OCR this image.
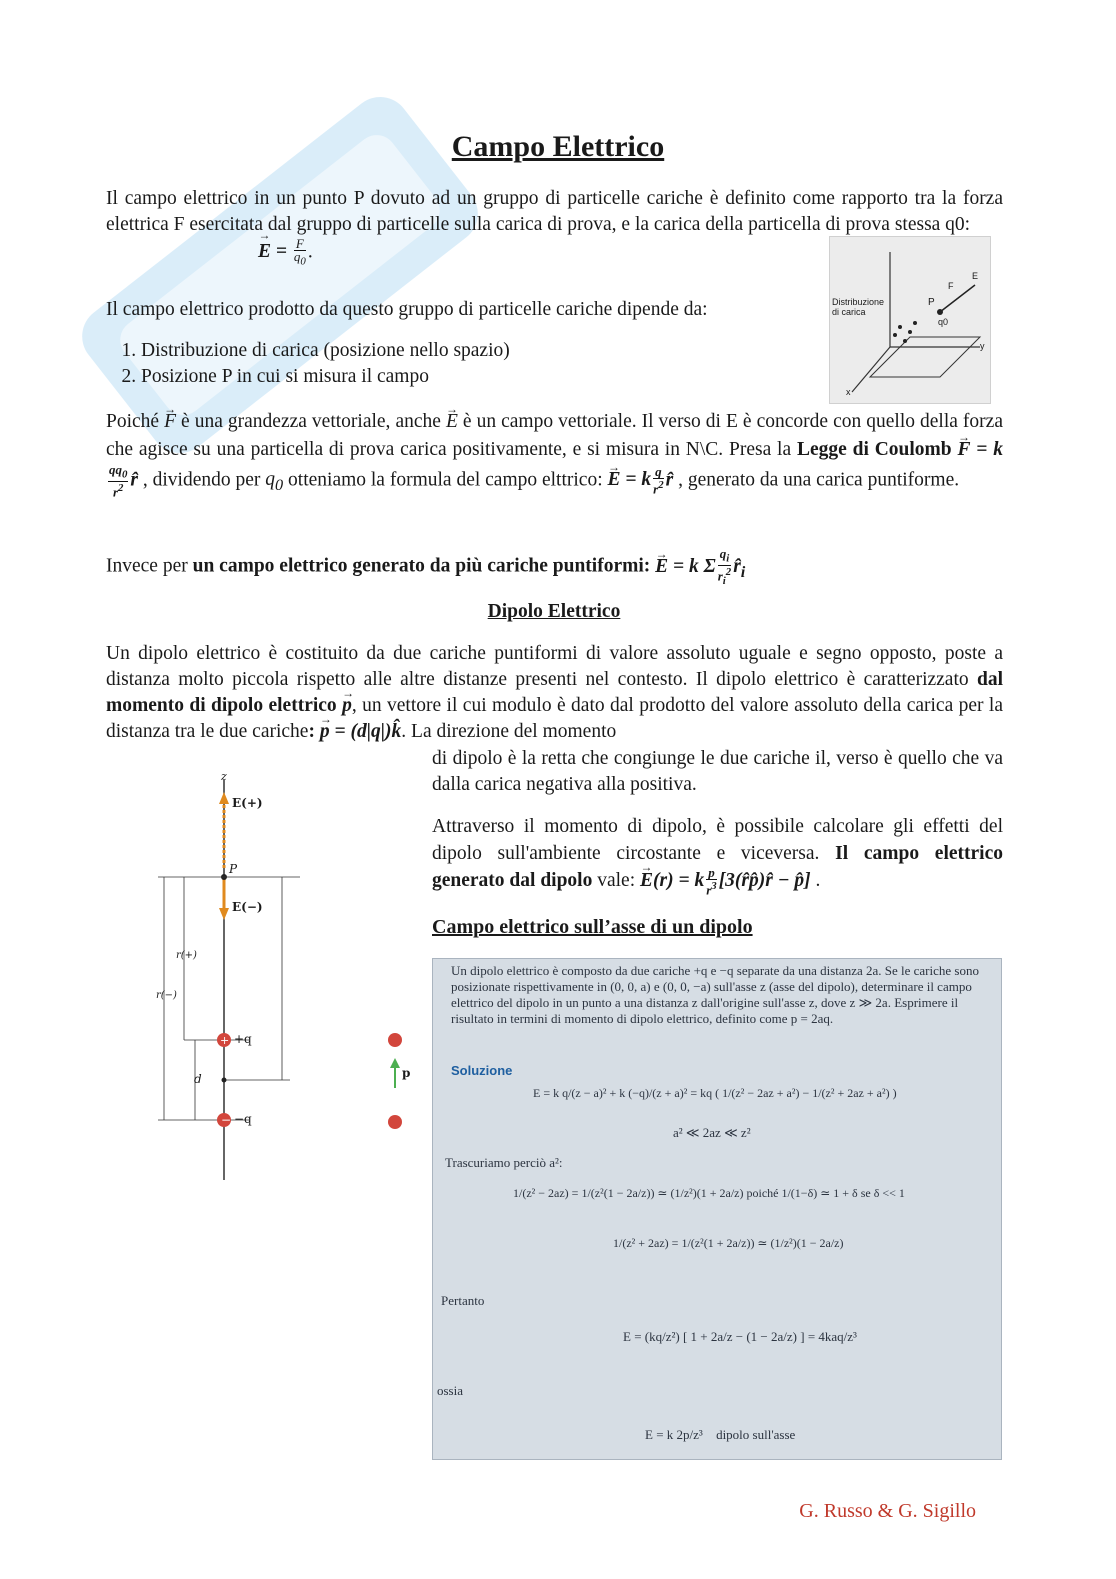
Campo Elettrico
Il campo elettrico in un punto P dovuto ad un gruppo di particelle cariche è definito come rapporto tra la forza elettrica F esercitata dal gruppo di particelle sulla carica di prova, e la carica della particella di prova stessa q0:
Distribuzione di carica
P
q0
F
E
y
x
→ $E = \frac{F}{q_0}$ .
Il campo elettrico prodotto da questo gruppo di particelle cariche dipende da:
1. Distribuzione di carica (posizione nello spazio)
2. Posizione P in cui si misura il campo
Poiché → F è una grandezza vettoriale, anche → E è un campo vettoriale. Il verso di E è concorde con quello della forza che agisce su una particella di prova carica positivamente, e si misura in N\C. Presa la Legge di Coulomb → F = k
$\frac{qq_0}{r^2}$ r̂ , dividendo per $q_0$ otteniamo la formula del campo elttrico: → E = k $\frac{q}{r^2}$ r̂ , generato da una carica puntiforme.
Invece per un campo elettrico generato da più cariche puntiformi: → E = k Σ $\frac{q_i}{r_i^2}$ $r̂_i$
Dipolo Elettrico
Un dipolo elettrico è costituito da due cariche puntiformi di valore assoluto uguale e segno opposto, poste a distanza molto piccola rispetto alle altre distanze presenti nel contesto. Il dipolo elettrico è caratterizzato dal momento di dipolo elettrico → p, un vettore il cui modulo è dato dal prodotto del valore assoluto della carica per la distanza tra le due cariche: → p = (d|q|)k̂. La direzione del momento
di dipolo è la retta che congiunge le due cariche il, verso è quello che va dalla carica negativa alla positiva.
Attraverso il momento di dipolo, è possibile calcolare gli effetti del dipolo sull'ambiente circostante e viceversa. Il campo elettrico generato dal dipolo vale: → E(r) = k $\frac{p}{r^3}$ [3(r̂p̂)r̂ − p̂] .
Campo elettrico sull’asse di un dipolo
+
−
z
E(+)
P
E(−)
r(+)
r(−)
+q
−q
d	p
Un dipolo elettrico è composto da due cariche +q e −q separate da una distanza 2a. Se le cariche sono posizionate rispettivamente in (0, 0, a) e (0, 0, −a) sull'asse z (asse del dipolo), determinare il campo elettrico del dipolo in un punto a una distanza z dall'origine sull'asse z, dove z ≫ 2a. Esprimere il risultato in termini di momento di dipolo elettrico, definito come p = 2aq.
Soluzione
E = k q/(z − a)² + k (−q)/(z + a)² = kq ( 1/(z² − 2az + a²) − 1/(z² + 2az + a²) )
a² ≪ 2az ≪ z²
Trascuriamo perciò a²:
1/(z² − 2az) = 1/(z²(1 − 2a/z)) ≃ (1/z²)(1 + 2a/z) poiché 1/(1−δ) ≃ 1 + δ se δ << 1
1/(z² + 2az) = 1/(z²(1 + 2a/z)) ≃ (1/z²)(1 − 2a/z)
Pertanto
E = (kq/z²) [ 1 + 2a/z − (1 − 2a/z) ] = 4kaq/z³
ossia
E = k 2p/z³ dipolo sull'asse
G. Russo & G. Sigillo
